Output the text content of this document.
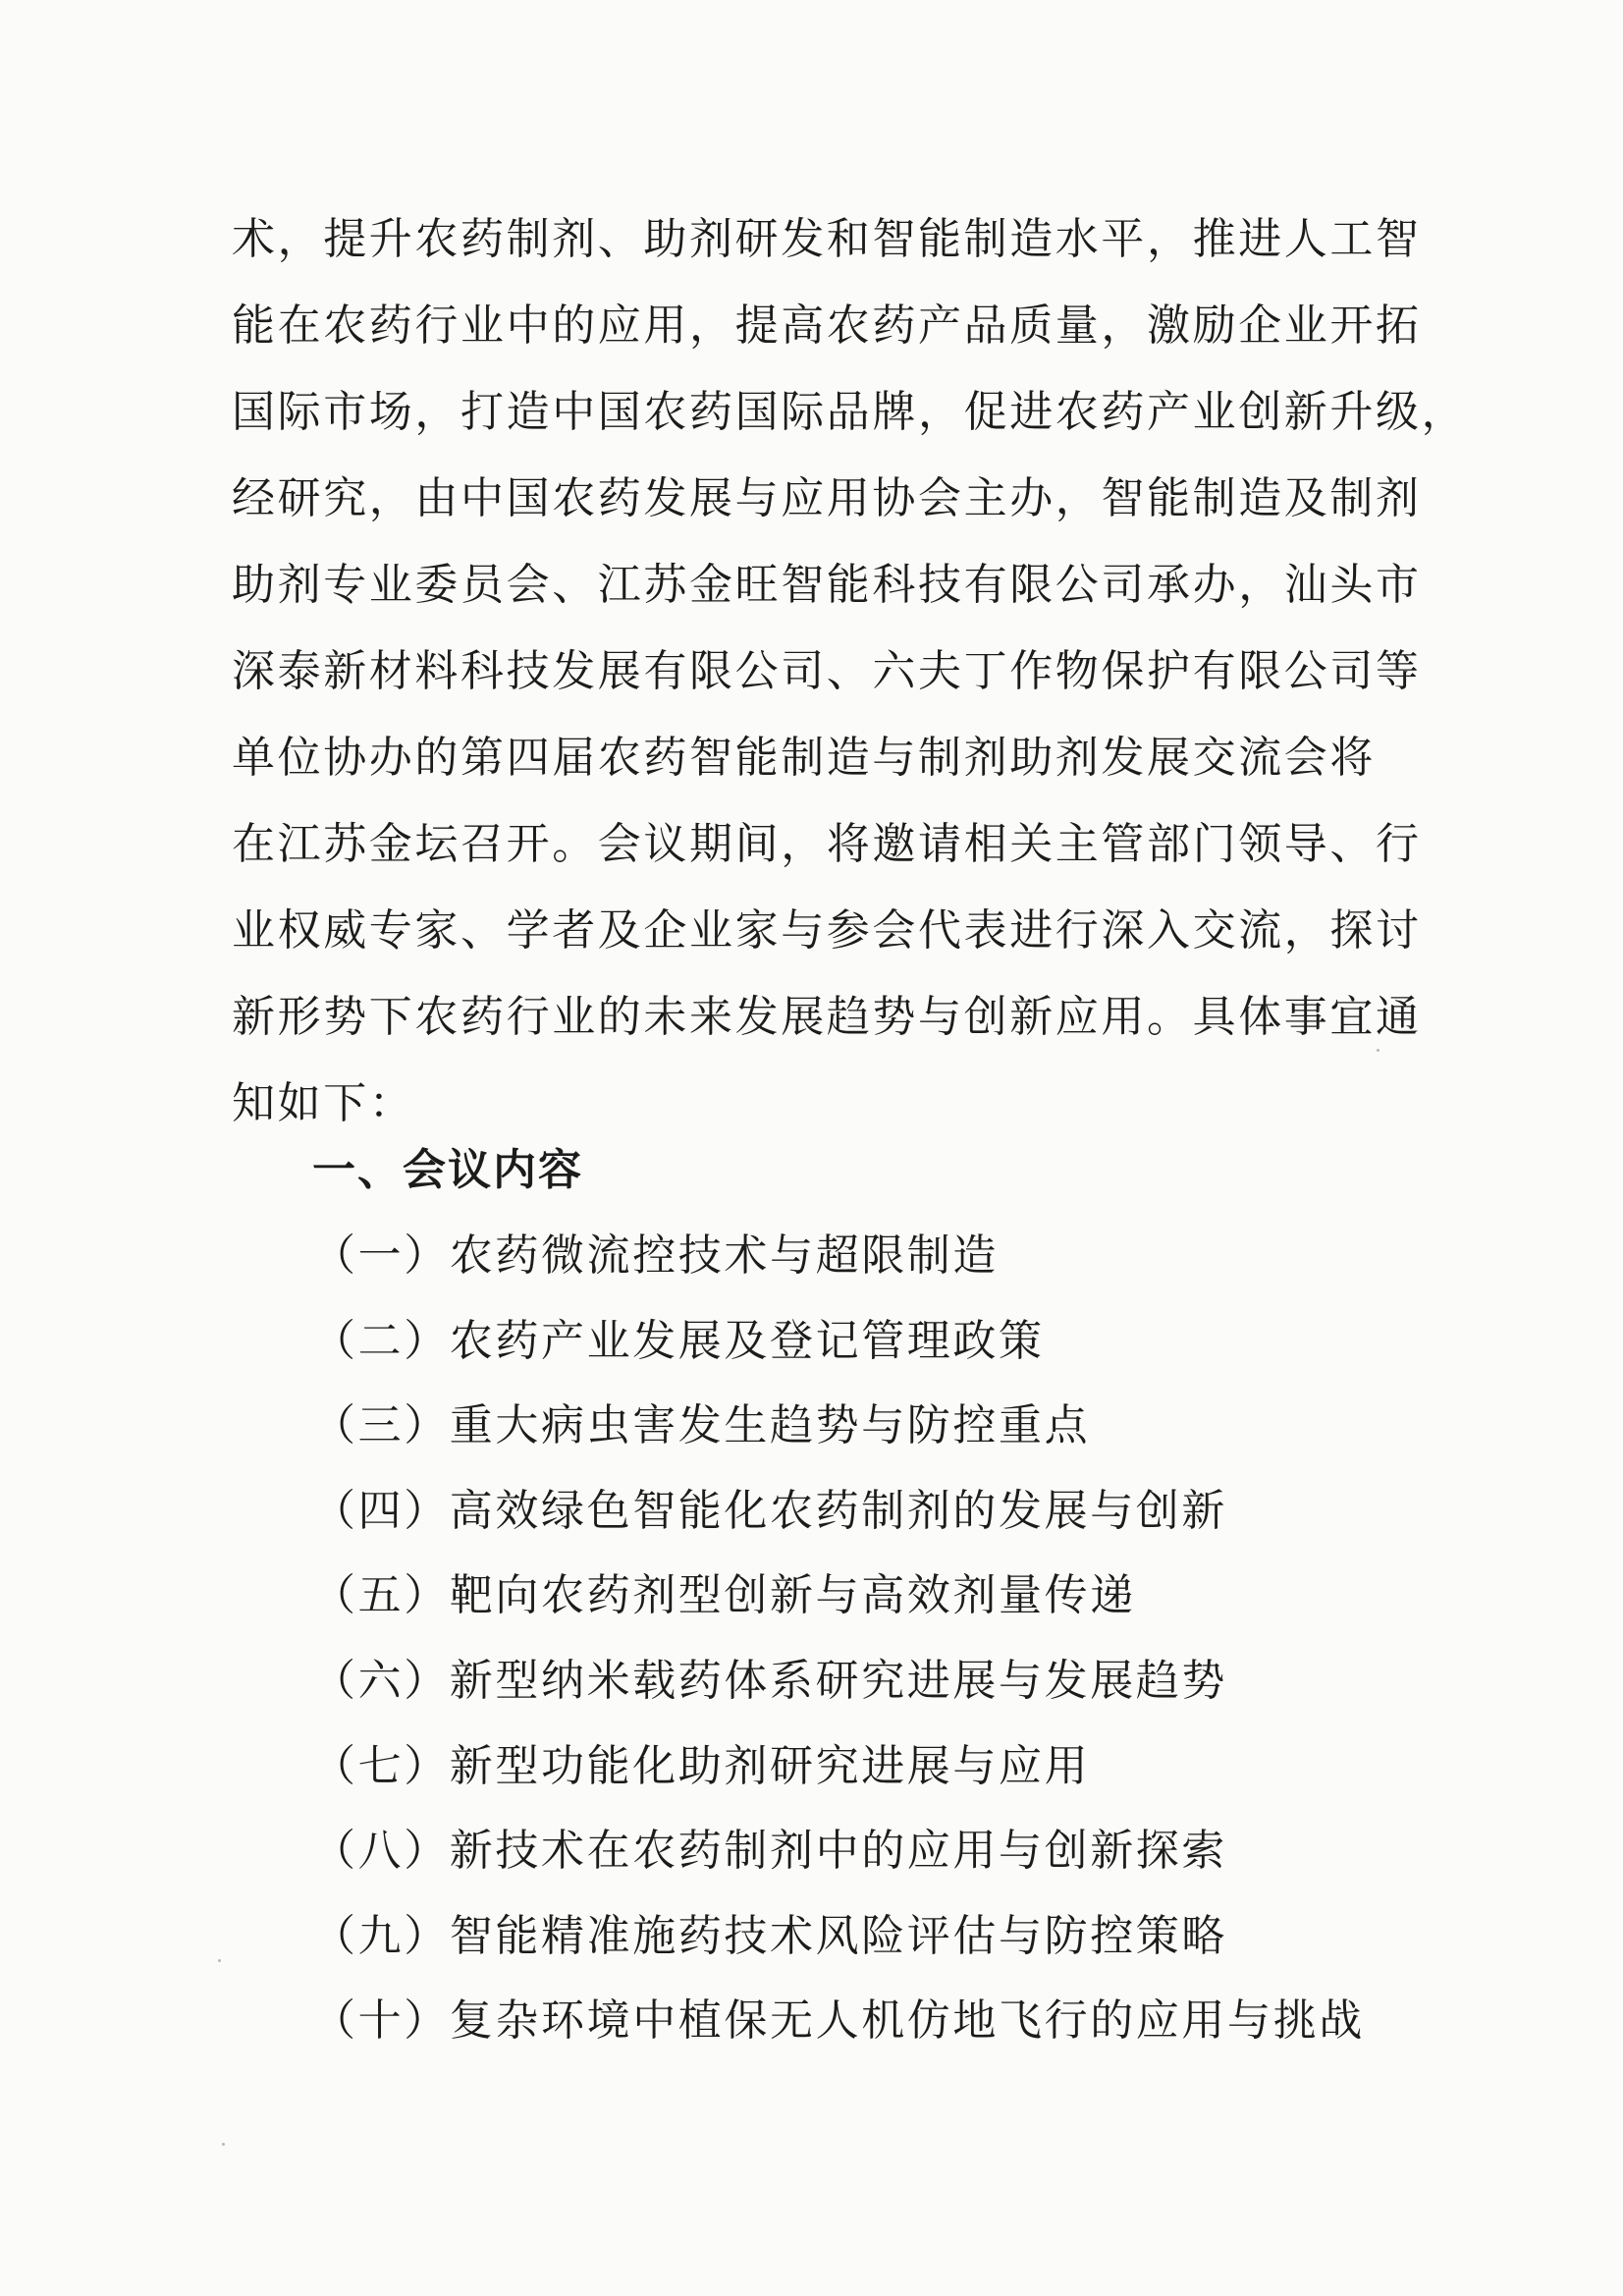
术，提升农药制剂、助剂研发和智能制造水平，推进人工智
能在农药行业中的应用，提高农药产品质量，激励企业开拓
国际市场，打造中国农药国际品牌，促进农药产业创新升级，
经研究，由中国农药发展与应用协会主办，智能制造及制剂
助剂专业委员会、江苏金旺智能科技有限公司承办，汕头市
深泰新材料科技发展有限公司、六夫丁作物保护有限公司等
单位协办的第四届农药智能制造与制剂助剂发展交流会将
在江苏金坛召开。会议期间，将邀请相关主管部门领导、行
业权威专家、学者及企业家与参会代表进行深入交流，探讨
新形势下农药行业的未来发展趋势与创新应用。具体事宜通
知如下：
一、会议内容
（一）农药微流控技术与超限制造
（二）农药产业发展及登记管理政策
（三）重大病虫害发生趋势与防控重点
（四）高效绿色智能化农药制剂的发展与创新
（五）靶向农药剂型创新与高效剂量传递
（六）新型纳米载药体系研究进展与发展趋势
（七）新型功能化助剂研究进展与应用
（八）新技术在农药制剂中的应用与创新探索
（九）智能精准施药技术风险评估与防控策略
（十）复杂环境中植保无人机仿地飞行的应用与挑战
